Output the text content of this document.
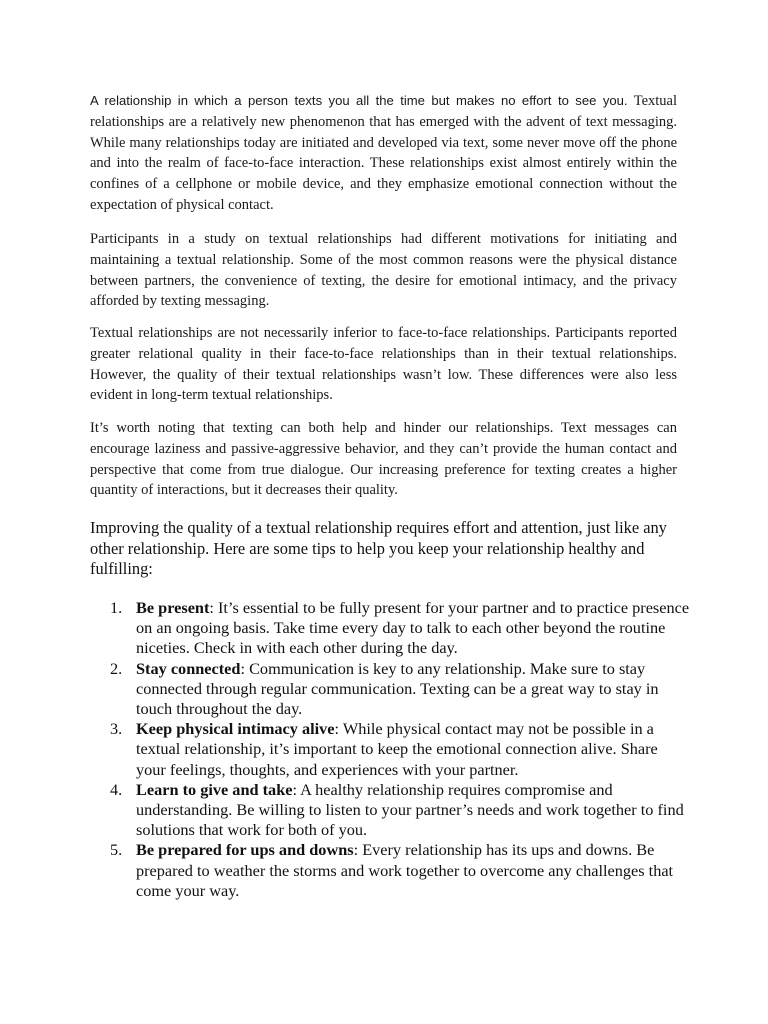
A relationship in which a person texts you all the time but makes no effort to see you. Textual relationships are a relatively new phenomenon that has emerged with the advent of text messaging. While many relationships today are initiated and developed via text, some never move off the phone and into the realm of face-to-face interaction. These relationships exist almost entirely within the confines of a cellphone or mobile device, and they emphasize emotional connection without the expectation of physical contact.

Participants in a study on textual relationships had different motivations for initiating and maintaining a textual relationship. Some of the most common reasons were the physical distance between partners, the convenience of texting, the desire for emotional intimacy, and the privacy afforded by texting messaging.

Textual relationships are not necessarily inferior to face-to-face relationships. Participants reported greater relational quality in their face-to-face relationships than in their textual relationships. However, the quality of their textual relationships wasn’t low. These differences were also less evident in long-term textual relationships.

It’s worth noting that texting can both help and hinder our relationships. Text messages can encourage laziness and passive-aggressive behavior, and they can’t provide the human contact and perspective that come from true dialogue. Our increasing preference for texting creates a higher quantity of interactions, but it decreases their quality.

Improving the quality of a textual relationship requires effort and attention, just like any other relationship. Here are some tips to help you keep your relationship healthy and fulfilling:

1. Be present: It’s essential to be fully present for your partner and to practice presence on an ongoing basis. Take time every day to talk to each other beyond the routine niceties. Check in with each other during the day.
2. Stay connected: Communication is key to any relationship. Make sure to stay connected through regular communication. Texting can be a great way to stay in touch throughout the day.
3. Keep physical intimacy alive: While physical contact may not be possible in a textual relationship, it’s important to keep the emotional connection alive. Share your feelings, thoughts, and experiences with your partner.
4. Learn to give and take: A healthy relationship requires compromise and understanding. Be willing to listen to your partner’s needs and work together to find solutions that work for both of you.
5. Be prepared for ups and downs: Every relationship has its ups and downs. Be prepared to weather the storms and work together to overcome any challenges that come your way.
